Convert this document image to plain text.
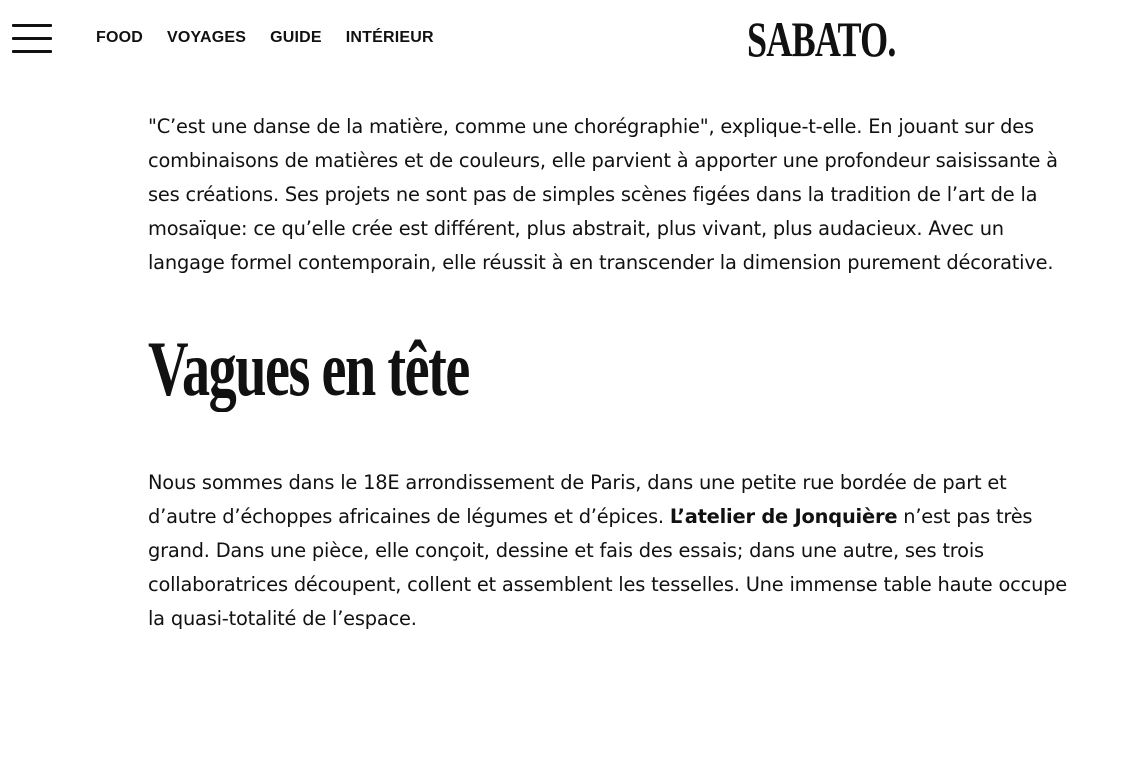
FOOD VOYAGES GUIDE INTÉRIEUR	SABATO.

"C’est une danse de la matière, comme une chorégraphie", explique-t-elle. En jouant sur des combinaisons de matières et de couleurs, elle parvient à apporter une profondeur saisissante à ses créations. Ses projets ne sont pas de simples scènes figées dans la tradition de l’art de la mosaïque: ce qu’elle crée est différent, plus abstrait, plus vivant, plus audacieux. Avec un langage formel contemporain, elle réussit à en transcender la dimension purement décorative.

Vagues en tête

Nous sommes dans le 18E arrondissement de Paris, dans une petite rue bordée de part et d’autre d’échoppes africaines de légumes et d’épices. L’atelier de Jonquière n’est pas très grand. Dans une pièce, elle conçoit, dessine et fais des essais; dans une autre, ses trois collaboratrices découpent, collent et assemblent les tesselles. Une immense table haute occupe la quasi-totalité de l’espace.
